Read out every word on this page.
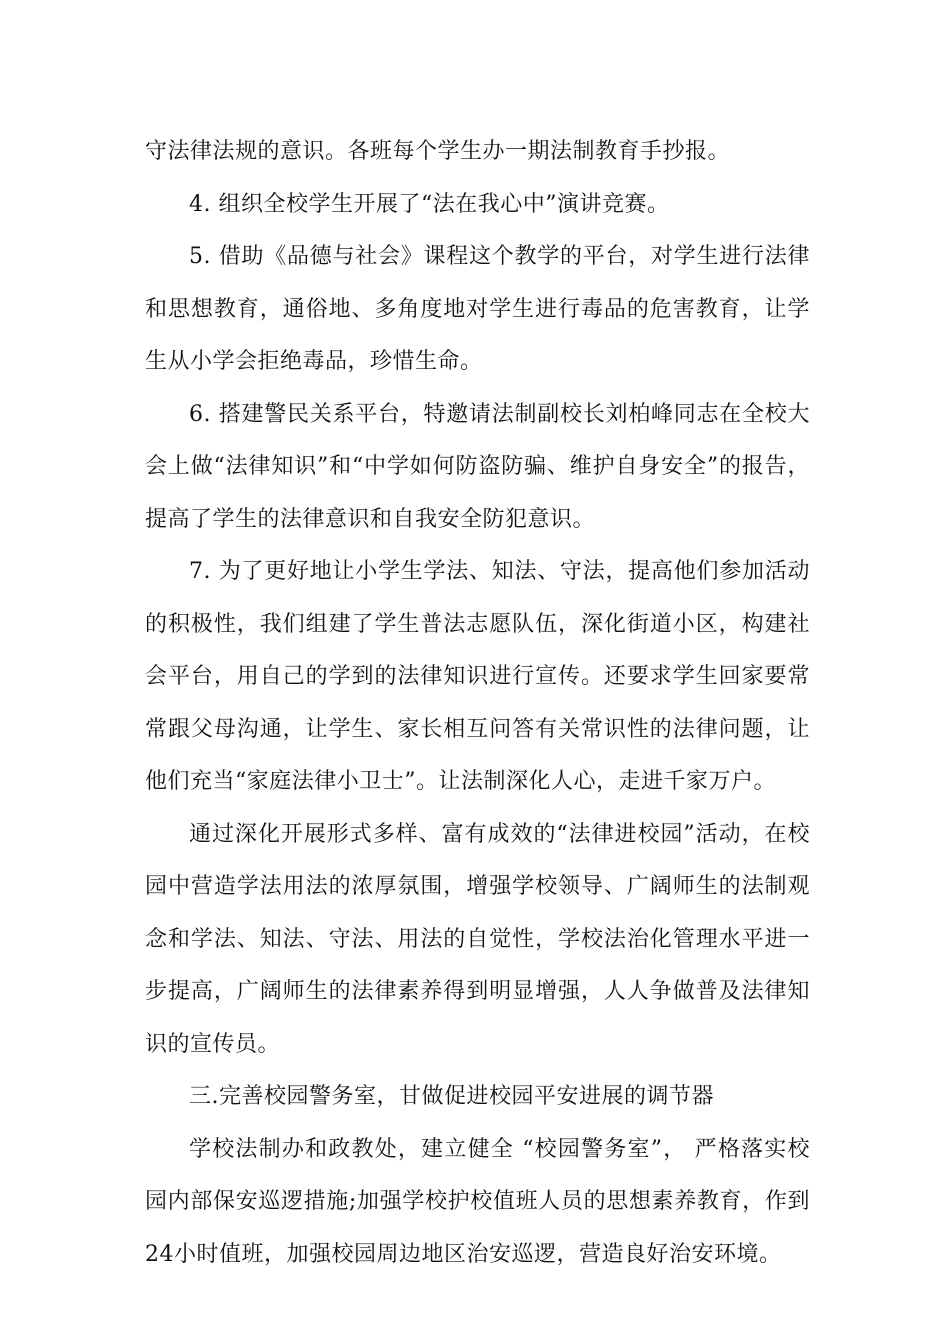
守法律法规的意识。各班每个学生办一期法制教育手抄报。

4. 组织全校学生开展了“法在我心中”演讲竞赛。

5. 借助《品德与社会》课程这个教学的平台，对学生进行法律和思想教育，通俗地、多角度地对学生进行毒品的危害教育，让学生从小学会拒绝毒品，珍惜生命。

6. 搭建警民关系平台，特邀请法制副校长刘柏峰同志在全校大会上做“法律知识”和“中学如何防盗防骗、维护自身安全”的报告，提高了学生的法律意识和自我安全防犯意识。

7. 为了更好地让小学生学法、知法、守法，提高他们参加活动的积极性，我们组建了学生普法志愿队伍，深化街道小区，构建社会平台，用自己的学到的法律知识进行宣传。还要求学生回家要常常跟父母沟通，让学生、家长相互问答有关常识性的法律问题，让他们充当“家庭法律小卫士”。让法制深化人心，走进千家万户。

通过深化开展形式多样、富有成效的“法律进校园”活动，在校园中营造学法用法的浓厚氛围，增强学校领导、广阔师生的法制观念和学法、知法、守法、用法的自觉性，学校法治化管理水平进一步提高，广阔师生的法律素养得到明显增强，人人争做普及法律知识的宣传员。

三.完善校园警务室，甘做促进校园平安进展的调节器

学校法制办和政教处，建立健全 “校园警务室”， 严格落实校园内部保安巡逻措施;加强学校护校值班人员的思想素养教育，作到24小时值班，加强校园周边地区治安巡逻，营造良好治安环境。
